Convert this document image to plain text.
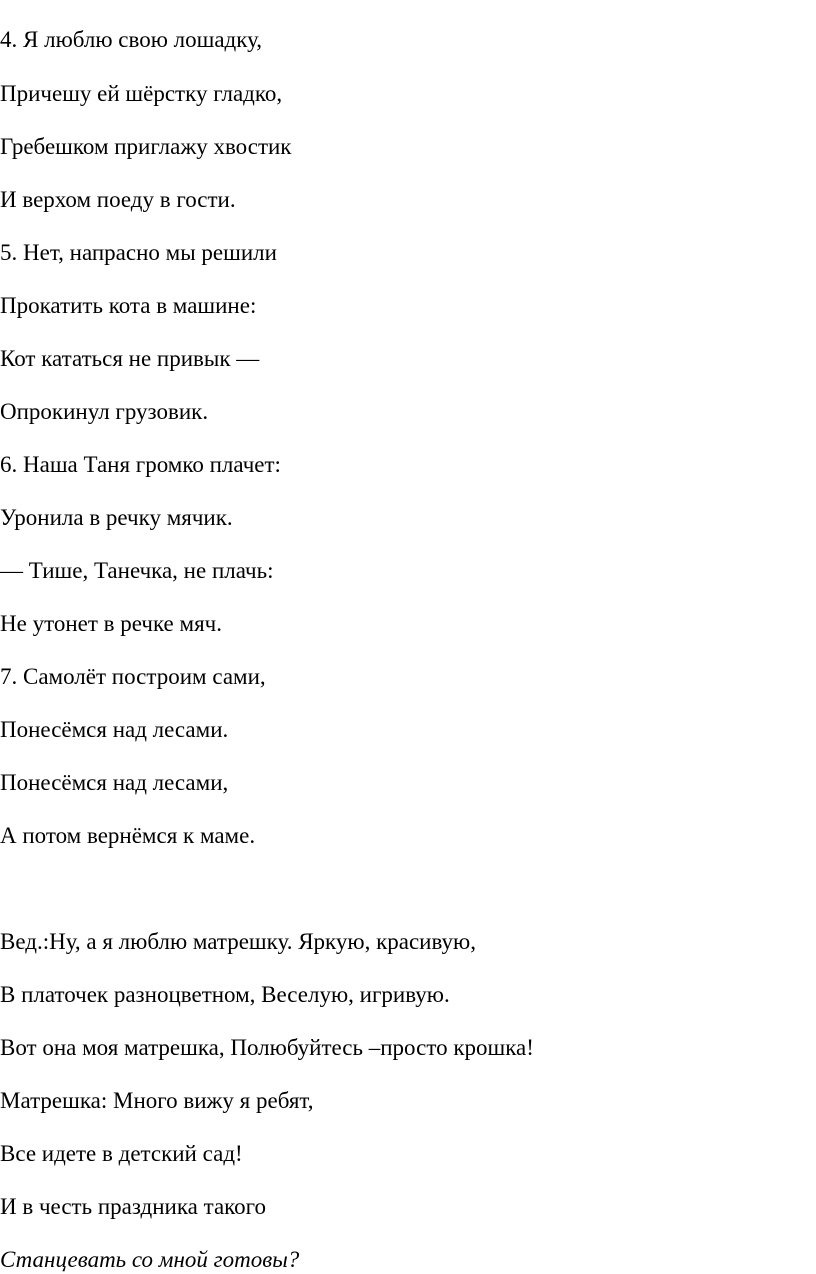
4. Я люблю свою лошадку,

Причешу ей шёрстку гладко,

Гребешком приглажу хвостик

И верхом поеду в гости.

5. Нет, напрасно мы решили

Прокатить кота в машине:

Кот кататься не привык —

Опрокинул грузовик.

6. Наша Таня громко плачет:

Уронила в речку мячик.

— Тише, Танечка, не плачь:

Не утонет в речке мяч.

7. Самолёт построим сами,

Понесёмся над лесами.

Понесёмся над лесами,

А потом вернёмся к маме.

Вед.:Ну, а я люблю матрешку. Яркую, красивую,

В платочек разноцветном, Веселую, игривую.

Вот она моя матрешка, Полюбуйтесь –просто крошка!

Матрешка: Много вижу я ребят,

Все идете в детский сад!

И в честь праздника такого

Станцевать со мной готовы?
